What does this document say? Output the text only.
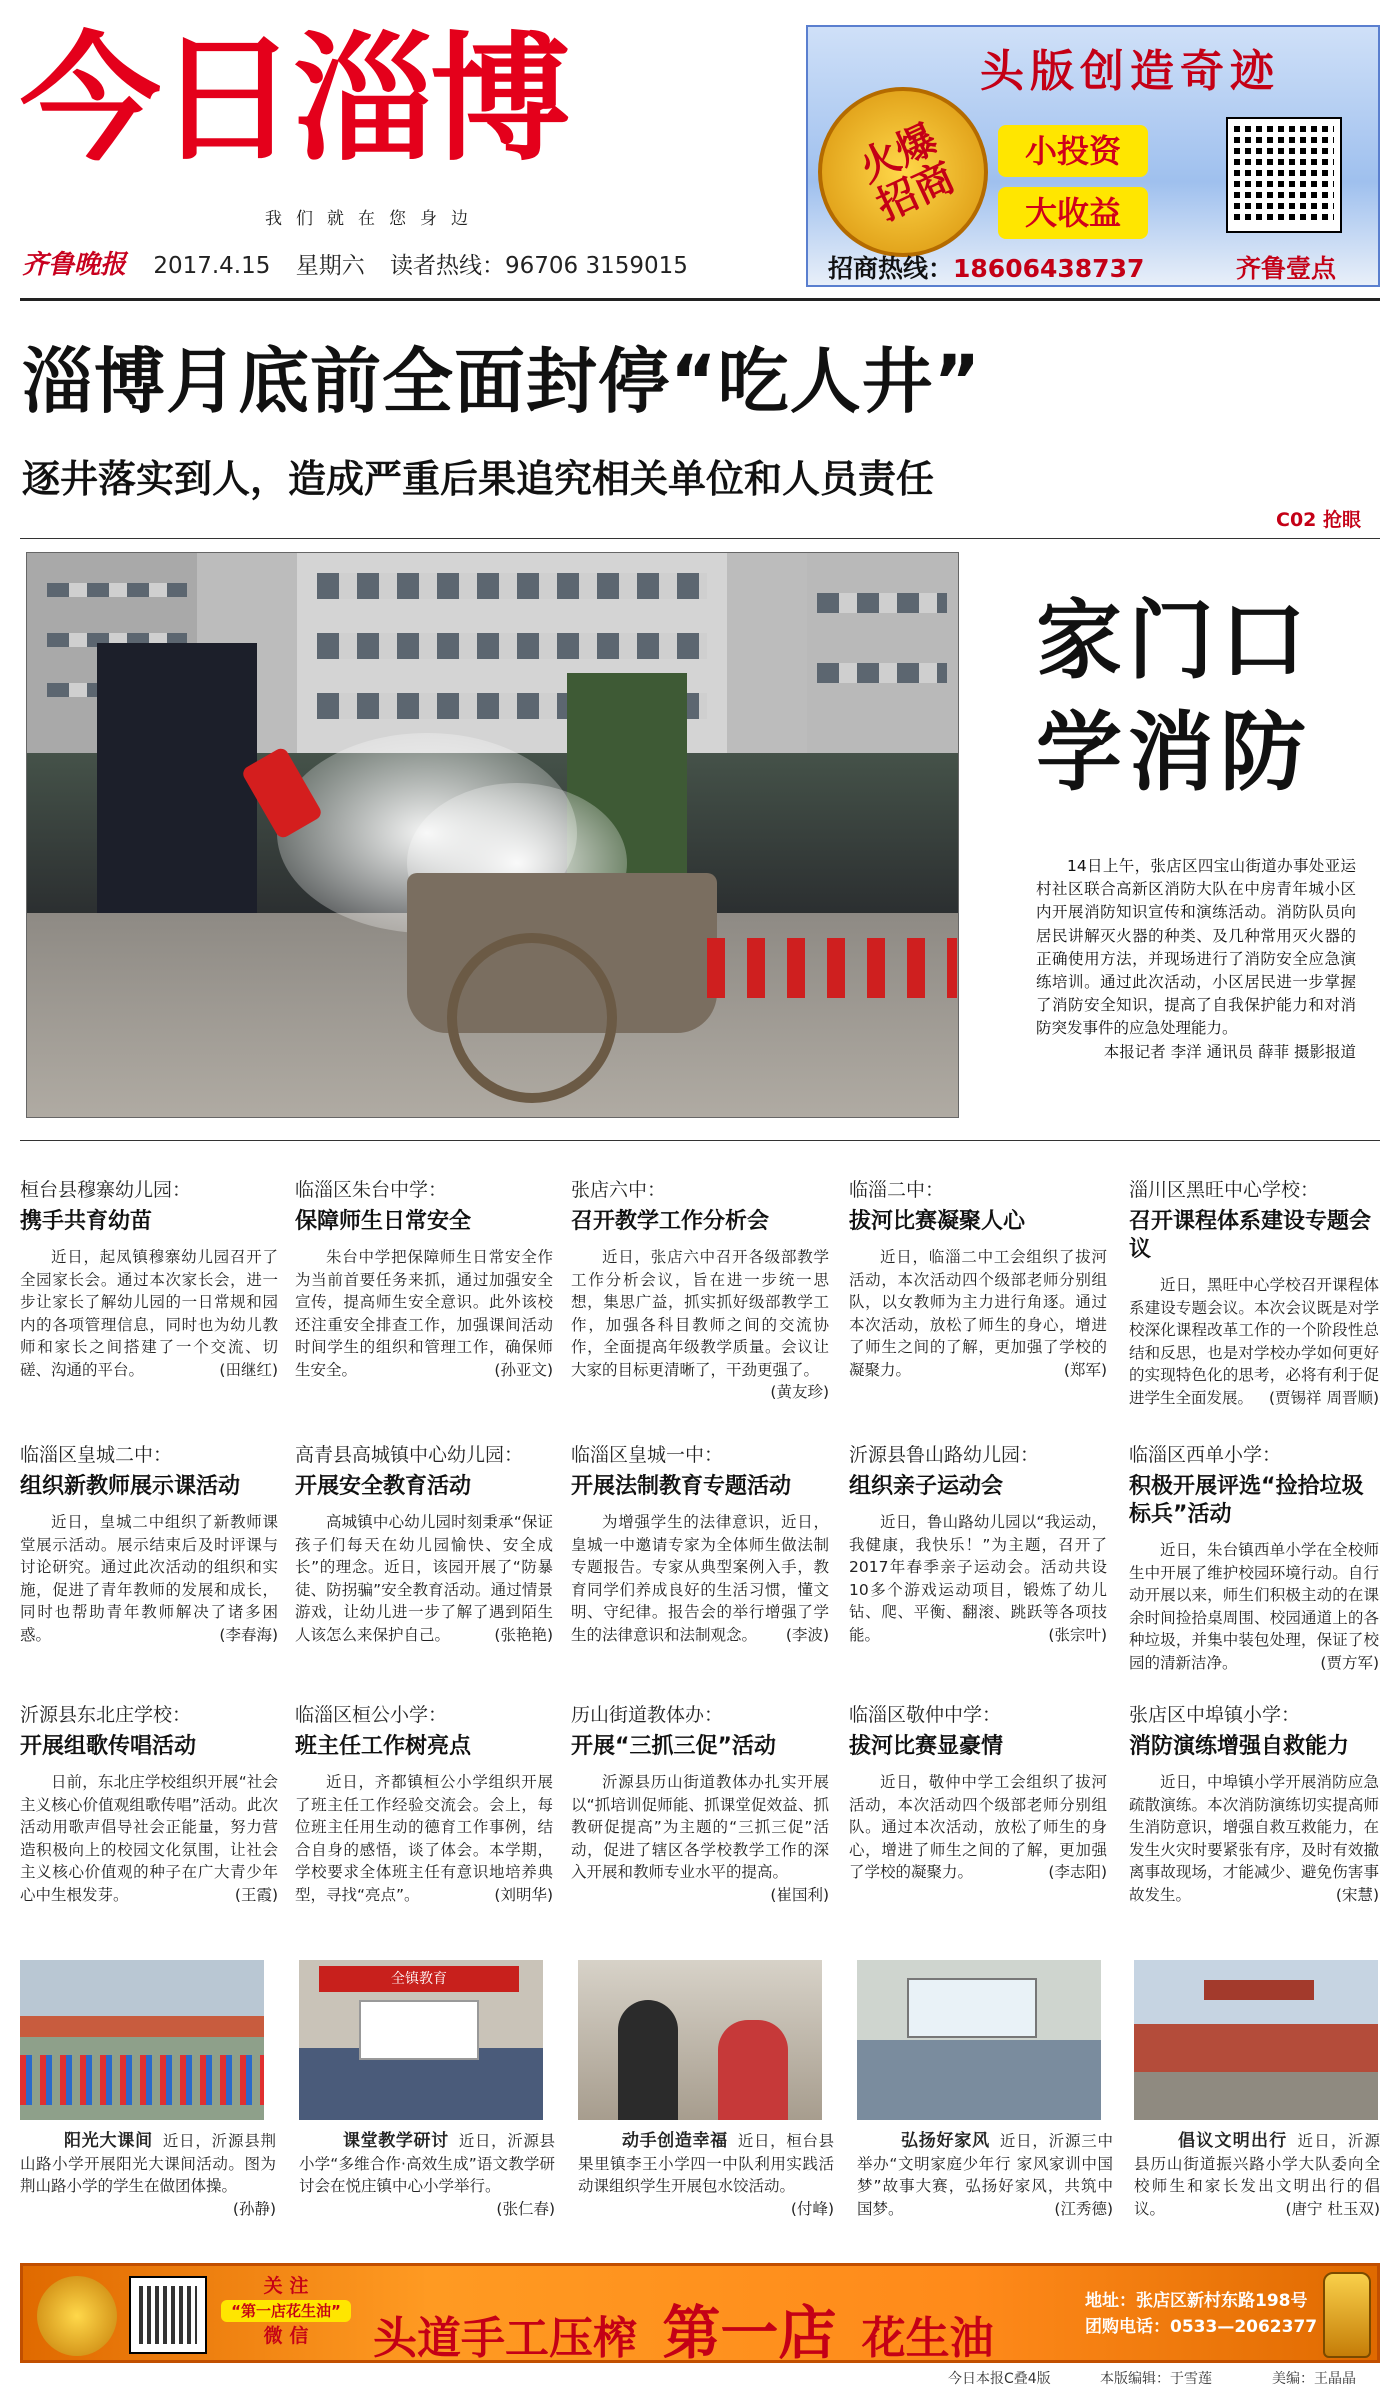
今日淄博
我们就在您身边
齐鲁晚报 2017.4.15 星期六 读者热线：96706 3159015
头版创造奇迹
火爆招商
小投资
大收益
招商热线：18606438737	齐鲁壹点
淄博月底前全面封停“吃人井”
逐井落实到人，造成严重后果追究相关单位和人员责任
C02 抢眼
家门口
学消防
14日上午，张店区四宝山街道办事处亚运村社区联合高新区消防大队在中房青年城小区内开展消防知识宣传和演练活动。消防队员向居民讲解灭火器的种类、及几种常用灭火器的正确使用方法，并现场进行了消防安全应急演练培训。通过此次活动，小区居民进一步掌握了消防安全知识，提高了自我保护能力和对消防突发事件的应急处理能力。
本报记者 李洋 通讯员 薛菲 摄影报道
桓台县穆寨幼儿园：
携手共育幼苗
近日，起凤镇穆寨幼儿园召开了全园家长会。通过本次家长会，进一步让家长了解幼儿园的一日常规和园内的各项管理信息，同时也为幼儿教师和家长之间搭建了一个交流、切磋、沟通的平台。	(田继红)
临淄区朱台中学：
保障师生日常安全
朱台中学把保障师生日常安全作为当前首要任务来抓，通过加强安全宣传，提高师生安全意识。此外该校还注重安全排查工作，加强课间活动时间学生的组织和管理工作，确保师生安全。	(孙亚文)
张店六中：
召开教学工作分析会
近日，张店六中召开各级部教学工作分析会议，旨在进一步统一思想，集思广益，抓实抓好级部教学工作，加强各科目教师之间的交流协作，全面提高年级教学质量。会议让大家的目标更清晰了，干劲更强了。
(黄友珍)
临淄二中：
拔河比赛凝聚人心
近日，临淄二中工会组织了拔河活动，本次活动四个级部老师分别组队，以女教师为主力进行角逐。通过本次活动，放松了师生的身心，增进了师生之间的了解，更加强了学校的凝聚力。	(郑军)
淄川区黑旺中心学校：
召开课程体系建设专题会议
近日，黑旺中心学校召开课程体系建设专题会议。本次会议既是对学校深化课程改革工作的一个阶段性总结和反思，也是对学校办学如何更好的实现特色化的思考，必将有利于促进学生全面发展。 (贾锡祥 周晋顺)
临淄区皇城二中：
组织新教师展示课活动
近日，皇城二中组织了新教师课堂展示活动。展示结束后及时评课与讨论研究。通过此次活动的组织和实施，促进了青年教师的发展和成长，同时也帮助青年教师解决了诸多困惑。	(李春海)
高青县高城镇中心幼儿园：
开展安全教育活动
高城镇中心幼儿园时刻秉承“保证孩子们每天在幼儿园愉快、安全成长”的理念。近日，该园开展了“防暴徒、防拐骗”安全教育活动。通过情景游戏，让幼儿进一步了解了遇到陌生人该怎么来保护自己。	(张艳艳)
临淄区皇城一中：
开展法制教育专题活动
为增强学生的法律意识，近日，皇城一中邀请专家为全体师生做法制专题报告。专家从典型案例入手，教育同学们养成良好的生活习惯，懂文明、守纪律。报告会的举行增强了学生的法律意识和法制观念。 (李波)
沂源县鲁山路幼儿园：
组织亲子运动会
近日，鲁山路幼儿园以“我运动，我健康，我快乐！”为主题，召开了2017年春季亲子运动会。活动共设10多个游戏运动项目，锻炼了幼儿钻、爬、平衡、翻滚、跳跃等各项技能。	(张宗叶)
临淄区西单小学：
积极开展评选“捡拾垃圾标兵”活动
近日，朱台镇西单小学在全校师生中开展了维护校园环境行动。自行动开展以来，师生们积极主动的在课余时间捡拾桌周围、校园通道上的各种垃圾，并集中装包处理，保证了校园的清新洁净。	(贾方军)
沂源县东北庄学校：
开展组歌传唱活动
日前，东北庄学校组织开展“社会主义核心价值观组歌传唱”活动。此次活动用歌声倡导社会正能量，努力营造积极向上的校园文化氛围，让社会主义核心价值观的种子在广大青少年心中生根发芽。	(王霞)
临淄区桓公小学：
班主任工作树亮点
近日，齐都镇桓公小学组织开展了班主任工作经验交流会。会上，每位班主任用生动的德育工作事例，结合自身的感悟，谈了体会。本学期，学校要求全体班主任有意识地培养典型，寻找“亮点”。	(刘明华)
历山街道教体办：
开展“三抓三促”活动
沂源县历山街道教体办扎实开展以“抓培训促师能、抓课堂促效益、抓教研促提高”为主题的“三抓三促”活动，促进了辖区各学校教学工作的深入开展和教师专业水平的提高。
(崔国利)
临淄区敬仲中学：
拔河比赛显豪情
近日，敬仲中学工会组织了拔河活动，本次活动四个级部老师分别组队。通过本次活动，放松了师生的身心，增进了师生之间的了解，更加强了学校的凝聚力。	(李志阳)
张店区中埠镇小学：
消防演练增强自救能力
近日，中埠镇小学开展消防应急疏散演练。本次消防演练切实提高师生消防意识，增强自救互救能力，在发生火灾时要紧张有序，及时有效撤离事故现场，才能减少、避免伤害事故发生。	(宋慧)
全镇教育
阳光大课间 近日，沂源县荆山路小学开展阳光大课间活动。图为荆山路小学的学生在做团体操。
(孙静)
课堂教学研讨 近日，沂源县小学“多维合作·高效生成”语文教学研讨会在悦庄镇中心小学举行。
(张仁春)
动手创造幸福 近日，桓台县果里镇李王小学四一中队利用实践活动课组织学生开展包水饺活动。
(付峰)
弘扬好家风 近日，沂源三中举办“文明家庭少年行 家风家训中国梦”故事大赛，弘扬好家风，共筑中国梦。	(江秀德)
倡议文明出行 近日，沂源县历山街道振兴路小学大队委向全校师生和家长发出文明出行的倡议。	(唐宁 杜玉双)
关 注
“第一店花生油”
微 信	头道手工压榨 第一店 花生油
地址：张店区新村东路198号
团购电话：0533—2062377
今日本报C叠4版	本版编辑：于雪莲	美编：王晶晶
